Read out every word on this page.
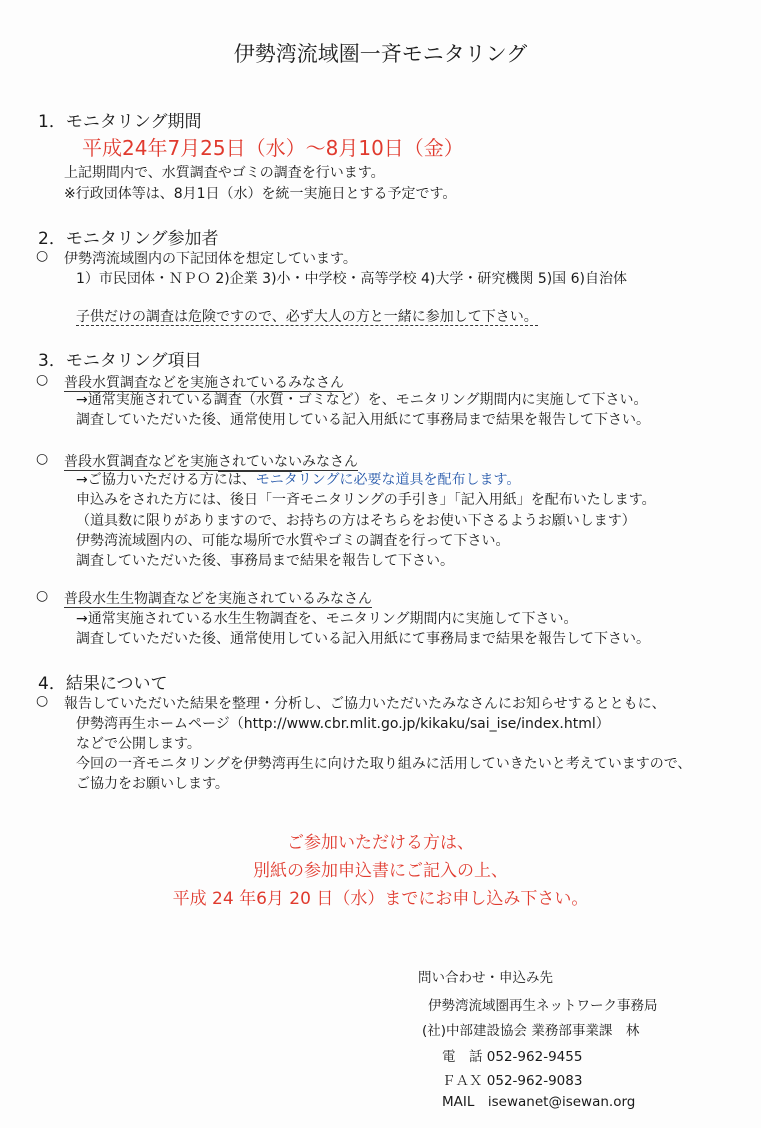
伊勢湾流域圏一斉モニタリング
1．モニタリング期間
平成24年7月25日（水）～8月10日（金）
上記期間内で、水質調査やゴミの調査を行います。
※行政団体等は、8月1日（水）を統一実施日とする予定です。
2．モニタリング参加者
○ 伊勢湾流域圏内の下記団体を想定しています。
1）市民団体・ＮＰＯ 2)企業 3)小・中学校・高等学校 4)大学・研究機関 5)国 6)自治体
子供だけの調査は危険ですので、必ず大人の方と一緒に参加して下さい。
3．モニタリング項目
○ 普段水質調査などを実施されているみなさん
→通常実施されている調査（水質・ゴミなど）を、モニタリング期間内に実施して下さい。
調査していただいた後、通常使用している記入用紙にて事務局まで結果を報告して下さい。
○ 普段水質調査などを実施されていないみなさん
→ご協力いただける方には、モニタリングに必要な道具を配布します。
申込みをされた方には、後日「一斉モニタリングの手引き」「記入用紙」を配布いたします。
（道具数に限りがありますので、お持ちの方はそちらをお使い下さるようお願いします）
伊勢湾流域圏内の、可能な場所で水質やゴミの調査を行って下さい。
調査していただいた後、事務局まで結果を報告して下さい。
○ 普段水生生物調査などを実施されているみなさん
→通常実施されている水生生物調査を、モニタリング期間内に実施して下さい。
調査していただいた後、通常使用している記入用紙にて事務局まで結果を報告して下さい。
4．結果について
○ 報告していただいた結果を整理・分析し、ご協力いただいたみなさんにお知らせするとともに、
伊勢湾再生ホームページ（http://www.cbr.mlit.go.jp/kikaku/sai_ise/index.html）
などで公開します。
今回の一斉モニタリングを伊勢湾再生に向けた取り組みに活用していきたいと考えていますので、
ご協力をお願いします。
ご参加いただける方は、
別紙の参加申込書にご記入の上、
平成 24 年6月 20 日（水）までにお申し込み下さい。
問い合わせ・申込み先
伊勢湾流域圏再生ネットワーク事務局
(社)中部建設協会 業務部事業課　林
電　話 052-962-9455
ＦＡＸ 052-962-9083
MAIL　isewanet@isewan.org
